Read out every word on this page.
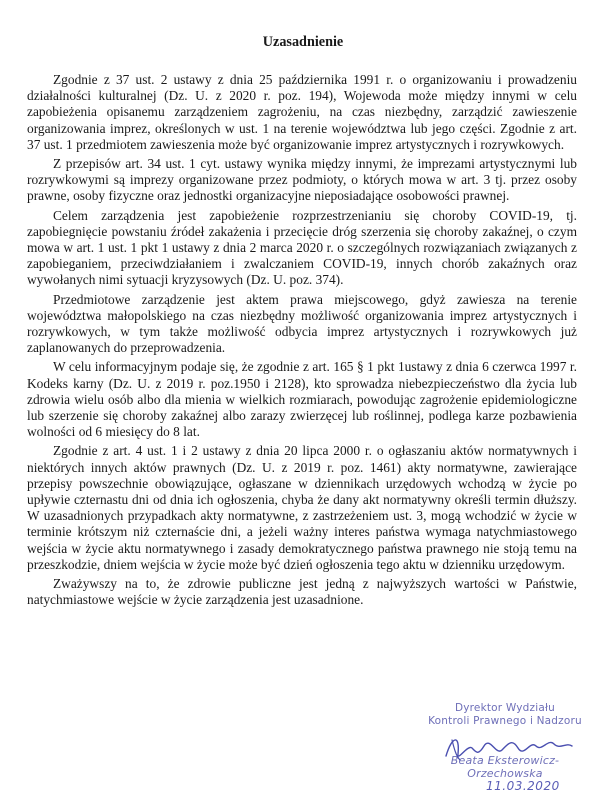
Uzasadnienie

Zgodnie z 37 ust. 2 ustawy z dnia 25 października 1991 r. o organizowaniu i prowadzeniu działalności kulturalnej (Dz. U. z 2020 r. poz. 194), Wojewoda może między innymi w celu zapobieżenia opisanemu zarządzeniem zagrożeniu, na czas niezbędny, zarządzić zawieszenie organizowania imprez, określonych w ust. 1 na terenie województwa lub jego części. Zgodnie z art. 37 ust. 1 przedmiotem zawieszenia może być organizowanie imprez artystycznych i rozrywkowych.

Z przepisów art. 34 ust. 1 cyt. ustawy wynika między innymi, że imprezami artystycznymi lub rozrywkowymi są imprezy organizowane przez podmioty, o których mowa w art. 3 tj. przez osoby prawne, osoby fizyczne oraz jednostki organizacyjne nieposiadające osobowości prawnej.

Celem zarządzenia jest zapobieżenie rozprzestrzenianiu się choroby COVID-19, tj. zapobiegnięcie powstaniu źródeł zakażenia i przecięcie dróg szerzenia się choroby zakaźnej, o czym mowa w art. 1 ust. 1 pkt 1 ustawy z dnia 2 marca 2020 r. o szczególnych rozwiązaniach związanych z zapobieganiem, przeciwdziałaniem i zwalczaniem COVID-19, innych chorób zakaźnych oraz wywołanych nimi sytuacji kryzysowych (Dz. U. poz. 374).

Przedmiotowe zarządzenie jest aktem prawa miejscowego, gdyż zawiesza na terenie województwa małopolskiego na czas niezbędny możliwość organizowania imprez artystycznych i rozrywkowych, w tym także możliwość odbycia imprez artystycznych i rozrywkowych już zaplanowanych do przeprowadzenia.

W celu informacyjnym podaje się, że zgodnie z art. 165 § 1 pkt 1ustawy z dnia 6 czerwca 1997 r. Kodeks karny (Dz. U. z 2019 r. poz.1950 i 2128), kto sprowadza niebezpieczeństwo dla życia lub zdrowia wielu osób albo dla mienia w wielkich rozmiarach, powodując zagrożenie epidemiologiczne lub szerzenie się choroby zakaźnej albo zarazy zwierzęcej lub roślinnej, podlega karze pozbawienia wolności od 6 miesięcy do 8 lat.

Zgodnie z art. 4 ust. 1 i 2 ustawy z dnia 20 lipca 2000 r. o ogłaszaniu aktów normatywnych i niektórych innych aktów prawnych (Dz. U. z 2019 r. poz. 1461) akty normatywne, zawierające przepisy powszechnie obowiązujące, ogłaszane w dziennikach urzędowych wchodzą w życie po upływie czternastu dni od dnia ich ogłoszenia, chyba że dany akt normatywny określi termin dłuższy. W uzasadnionych przypadkach akty normatywne, z zastrzeżeniem ust. 3, mogą wchodzić w życie w terminie krótszym niż czternaście dni, a jeżeli ważny interes państwa wymaga natychmiastowego wejścia w życie aktu normatywnego i zasady demokratycznego państwa prawnego nie stoją temu na przeszkodzie, dniem wejścia w życie może być dzień ogłoszenia tego aktu w dzienniku urzędowym.

Zważywszy na to, że zdrowie publiczne jest jedną z najwyższych wartości w Państwie, natychmiastowe wejście w życie zarządzenia jest uzasadnione.

Dyrektor Wydziału
Kontroli Prawnego i Nadzoru
Beata Eksterowicz-Orzechowska
11.03.2020
